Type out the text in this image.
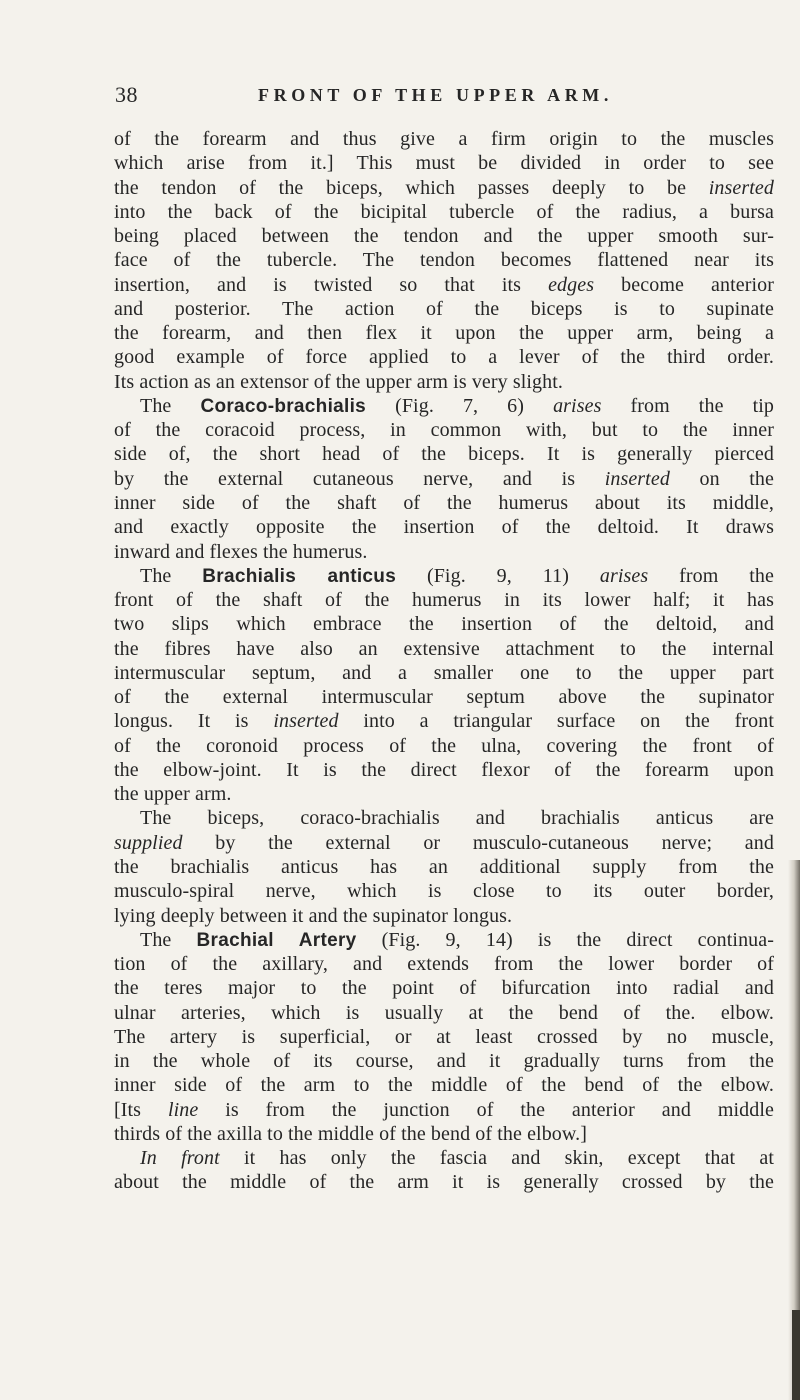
38	FRONT OF THE UPPER ARM.
of the forearm and thus give a firm origin to the muscles
which arise from it.] This must be divided in order to see
the tendon of the biceps, which passes deeply to be inserted
into the back of the bicipital tubercle of the radius, a bursa
being placed between the tendon and the upper smooth sur-
face of the tubercle. The tendon becomes flattened near its
insertion, and is twisted so that its edges become anterior
and posterior. The action of the biceps is to supinate
the forearm, and then flex it upon the upper arm, being a
good example of force applied to a lever of the third order.
Its action as an extensor of the upper arm is very slight.
The Coraco-brachialis (Fig. 7, 6) arises from the tip
of the coracoid process, in common with, but to the inner
side of, the short head of the biceps. It is generally pierced
by the external cutaneous nerve, and is inserted on the
inner side of the shaft of the humerus about its middle,
and exactly opposite the insertion of the deltoid. It draws
inward and flexes the humerus.
The Brachialis anticus (Fig. 9, 11) arises from the
front of the shaft of the humerus in its lower half; it has
two slips which embrace the insertion of the deltoid, and
the fibres have also an extensive attachment to the internal
intermuscular septum, and a smaller one to the upper part
of the external intermuscular septum above the supinator
longus. It is inserted into a triangular surface on the front
of the coronoid process of the ulna, covering the front of
the elbow-joint. It is the direct flexor of the forearm upon
the upper arm.
The biceps, coraco-brachialis and brachialis anticus are
supplied by the external or musculo-cutaneous nerve; and
the brachialis anticus has an additional supply from the
musculo-spiral nerve, which is close to its outer border,
lying deeply between it and the supinator longus.
The Brachial Artery (Fig. 9, 14) is the direct continua-
tion of the axillary, and extends from the lower border of
the teres major to the point of bifurcation into radial and
ulnar arteries, which is usually at the bend of the. elbow.
The artery is superficial, or at least crossed by no muscle,
in the whole of its course, and it gradually turns from the
inner side of the arm to the middle of the bend of the elbow.
[Its line is from the junction of the anterior and middle
thirds of the axilla to the middle of the bend of the elbow.]
In front it has only the fascia and skin, except that at
about the middle of the arm it is generally crossed by the
